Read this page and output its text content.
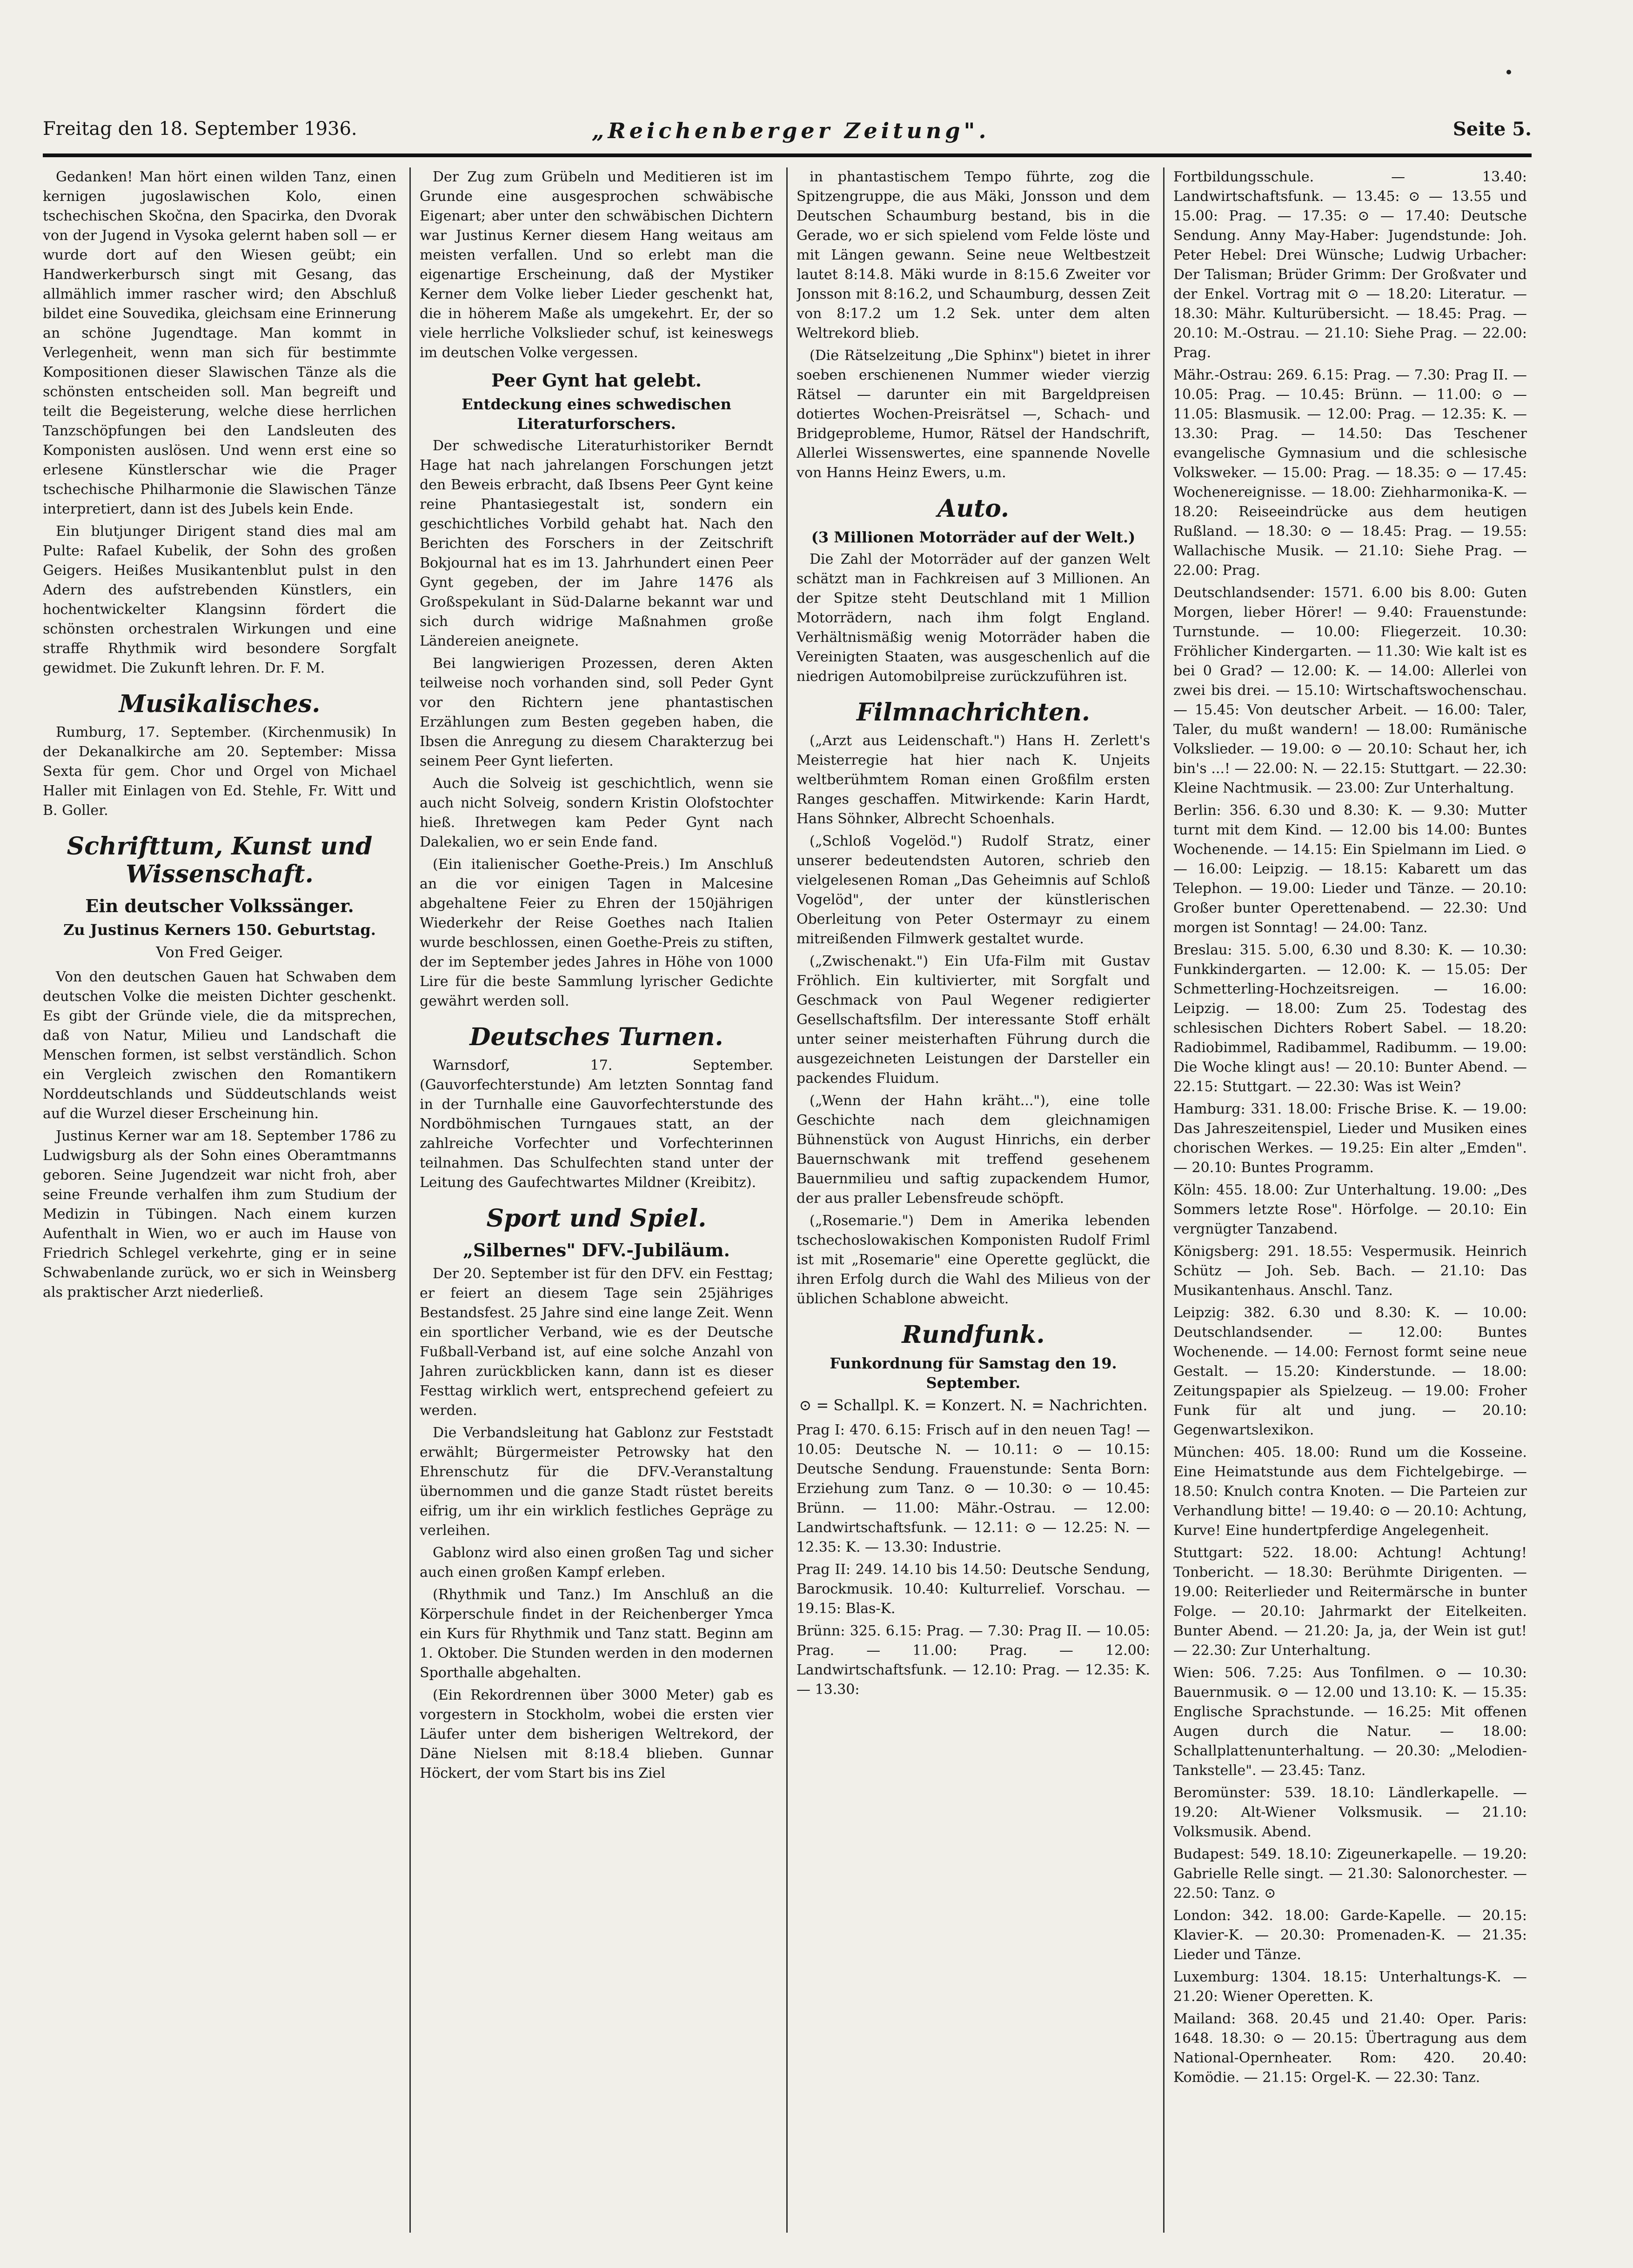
Freitag den 18. September 1936.	„Reichenberger Zeitung".	Seite 5.

Gedanken! Man hört einen wilden Tanz, einen kernigen jugoslawischen Kolo, einen tschechischen Skočna, den Spacirka, den Dvorak von der Jugend in Vysoka gelernt haben soll — er wurde dort auf den Wiesen geübt; ein Handwerkerbursch singt mit Gesang, das allmählich immer rascher wird; den Abschluß bildet eine Souvedika, gleichsam eine Erinnerung an schöne Jugendtage. Man kommt in Verlegenheit, wenn man sich für bestimmte Kompositionen dieser Slawischen Tänze als die schönsten entscheiden soll. Man begreift und teilt die Begeisterung, welche diese herrlichen Tanzschöpfungen bei den Landsleuten des Komponisten auslösen. Und wenn erst eine so erlesene Künstlerschar wie die Prager tschechische Philharmonie die Slawischen Tänze interpretiert, dann ist des Jubels kein Ende.

Ein blutjunger Dirigent stand dies mal am Pulte: Rafael Kubelik, der Sohn des großen Geigers. Heißes Musikantenblut pulst in den Adern des aufstrebenden Künstlers, ein hochentwickelter Klangsinn fördert die schönsten orchestralen Wirkungen und eine straffe Rhythmik wird besondere Sorgfalt gewidmet. Die Zukunft lehren. Dr. F. M.

Musikalisches.

Rumburg, 17. September. (Kirchenmusik) In der Dekanalkirche am 20. September: Missa Sexta für gem. Chor und Orgel von Michael Haller mit Einlagen von Ed. Stehle, Fr. Witt und B. Goller.

Schrifttum, Kunst und Wissenschaft.
Ein deutscher Volkssänger.
Zu Justinus Kerners 150. Geburtstag.
Von Fred Geiger.

Von den deutschen Gauen hat Schwaben dem deutschen Volke die meisten Dichter geschenkt. Es gibt der Gründe viele, die da mitsprechen, daß von Natur, Milieu und Landschaft die Menschen formen, ist selbst verständlich. Schon ein Vergleich zwischen den Romantikern Norddeutschlands und Süddeutschlands weist auf die Wurzel dieser Erscheinung hin.

Justinus Kerner war am 18. September 1786 zu Ludwigsburg als der Sohn eines Oberamtmanns geboren. Seine Jugendzeit war nicht froh, aber seine Freunde verhalfen ihm zum Studium der Medizin in Tübingen. Nach einem kurzen Aufenthalt in Wien, wo er auch im Hause von Friedrich Schlegel verkehrte, ging er in seine Schwabenlande zurück, wo er sich in Weinsberg als praktischer Arzt niederließ.

Der Zug zum Grübeln und Meditieren ist im Grunde eine ausgesprochen schwäbische Eigenart; aber unter den schwäbischen Dichtern war Justinus Kerner diesem Hang weitaus am meisten verfallen. Und so erlebt man die eigenartige Erscheinung, daß der Mystiker Kerner dem Volke lieber Lieder geschenkt hat, die in höherem Maße als umgekehrt. Er, der so viele herrliche Volkslieder schuf, ist keineswegs im deutschen Volke vergessen.

Peer Gynt hat gelebt.
Entdeckung eines schwedischen Literaturforschers.

Der schwedische Literaturhistoriker Berndt Hage hat nach jahrelangen Forschungen jetzt den Beweis erbracht, daß Ibsens Peer Gynt keine reine Phantasiegestalt ist, sondern ein geschichtliches Vorbild gehabt hat. Nach den Berichten des Forschers in der Zeitschrift Bokjournal hat es im 13. Jahrhundert einen Peer Gynt gegeben, der im Jahre 1476 als Großspekulant in Süd-Dalarne bekannt war und sich durch widrige Maßnahmen große Ländereien aneignete.

Bei langwierigen Prozessen, deren Akten teilweise noch vorhanden sind, soll Peder Gynt vor den Richtern jene phantastischen Erzählungen zum Besten gegeben haben, die Ibsen die Anregung zu diesem Charakterzug bei seinem Peer Gynt lieferten.

Auch die Solveig ist geschichtlich, wenn sie auch nicht Solveig, sondern Kristin Olofstochter hieß. Ihretwegen kam Peder Gynt nach Dalekalien, wo er sein Ende fand.

(Ein italienischer Goethe-Preis.) Im Anschluß an die vor einigen Tagen in Malcesine abgehaltene Feier zu Ehren der 150jährigen Wiederkehr der Reise Goethes nach Italien wurde beschlossen, einen Goethe-Preis zu stiften, der im September jedes Jahres in Höhe von 1000 Lire für die beste Sammlung lyrischer Gedichte gewährt werden soll.

Deutsches Turnen.

Warnsdorf, 17. September. (Gauvorfechterstunde) Am letzten Sonntag fand in der Turnhalle eine Gauvorfechterstunde des Nordböhmischen Turngaues statt, an der zahlreiche Vorfechter und Vorfechterinnen teilnahmen. Das Schulfechten stand unter der Leitung des Gaufechtwartes Mildner (Kreibitz).

Sport und Spiel.
„Silbernes" DFV.-Jubiläum.

Der 20. September ist für den DFV. ein Festtag; er feiert an diesem Tage sein 25jähriges Bestandsfest. 25 Jahre sind eine lange Zeit. Wenn ein sportlicher Verband, wie es der Deutsche Fußball-Verband ist, auf eine solche Anzahl von Jahren zurückblicken kann, dann ist es dieser Festtag wirklich wert, entsprechend gefeiert zu werden.

Die Verbandsleitung hat Gablonz zur Feststadt erwählt; Bürgermeister Petrowsky hat den Ehrenschutz für die DFV.-Veranstaltung übernommen und die ganze Stadt rüstet bereits eifrig, um ihr ein wirklich festliches Gepräge zu verleihen.

Gablonz wird also einen großen Tag und sicher auch einen großen Kampf erleben.

(Rhythmik und Tanz.) Im Anschluß an die Körperschule findet in der Reichenberger Ymca ein Kurs für Rhythmik und Tanz statt. Beginn am 1. Oktober. Die Stunden werden in den modernen Sporthalle abgehalten.

(Ein Rekordrennen über 3000 Meter) gab es vorgestern in Stockholm, wobei die ersten vier Läufer unter dem bisherigen Weltrekord, der Däne Nielsen mit 8:18.4 blieben. Gunnar Höckert, der vom Start bis ins Ziel

in phantastischem Tempo führte, zog die Spitzengruppe, die aus Mäki, Jonsson und dem Deutschen Schaumburg bestand, bis in die Gerade, wo er sich spielend vom Felde löste und mit Längen gewann. Seine neue Weltbestzeit lautet 8:14.8. Mäki wurde in 8:15.6 Zweiter vor Jonsson mit 8:16.2, und Schaumburg, dessen Zeit von 8:17.2 um 1.2 Sek. unter dem alten Weltrekord blieb.

(Die Rätselzeitung „Die Sphinx") bietet in ihrer soeben erschienenen Nummer wieder vierzig Rätsel — darunter ein mit Bargeldpreisen dotiertes Wochen-Preisrätsel —, Schach- und Bridgeprobleme, Humor, Rätsel der Handschrift, Allerlei Wissenswertes, eine spannende Novelle von Hanns Heinz Ewers, u.m.

Auto.
(3 Millionen Motorräder auf der Welt.)

Die Zahl der Motorräder auf der ganzen Welt schätzt man in Fachkreisen auf 3 Millionen. An der Spitze steht Deutschland mit 1 Million Motorrädern, nach ihm folgt England. Verhältnismäßig wenig Motorräder haben die Vereinigten Staaten, was ausgeschenlich auf die niedrigen Automobilpreise zurückzuführen ist.

Filmnachrichten.

(„Arzt aus Leidenschaft.") Hans H. Zerlett's Meisterregie hat hier nach K. Unjeits weltberühmtem Roman einen Großfilm ersten Ranges geschaffen. Mitwirkende: Karin Hardt, Hans Söhnker, Albrecht Schoenhals.

(„Schloß Vogelöd.") Rudolf Stratz, einer unserer bedeutendsten Autoren, schrieb den vielgelesenen Roman „Das Geheimnis auf Schloß Vogelöd", der unter der künstlerischen Oberleitung von Peter Ostermayr zu einem mitreißenden Filmwerk gestaltet wurde.

(„Zwischenakt.") Ein Ufa-Film mit Gustav Fröhlich. Ein kultivierter, mit Sorgfalt und Geschmack von Paul Wegener redigierter Gesellschaftsfilm. Der interessante Stoff erhält unter seiner meisterhaften Führung durch die ausgezeichneten Leistungen der Darsteller ein packendes Fluidum.

(„Wenn der Hahn kräht..."), eine tolle Geschichte nach dem gleichnamigen Bühnenstück von August Hinrichs, ein derber Bauernschwank mit treffend gesehenem Bauernmilieu und saftig zupackendem Humor, der aus praller Lebensfreude schöpft.

(„Rosemarie.") Dem in Amerika lebenden tschechoslowakischen Komponisten Rudolf Friml ist mit „Rosemarie" eine Operette geglückt, die ihren Erfolg durch die Wahl des Milieus von der üblichen Schablone abweicht.

Rundfunk.
Funkordnung für Samstag den 19. September.
⊙ = Schallpl. K. = Konzert. N. = Nachrichten.

Prag I: 470. 6.15: Frisch auf in den neuen Tag! — 10.05: Deutsche N. — 10.11: ⊙ — 10.15: Deutsche Sendung. Frauenstunde: Senta Born: Erziehung zum Tanz. ⊙ — 10.30: ⊙ — 10.45: Brünn. — 11.00: Mähr.-Ostrau. — 12.00: Landwirtschaftsfunk. — 12.11: ⊙ — 12.25: N. — 12.35: K. — 13.30: Industrie.

Prag II: 249. 14.10 bis 14.50: Deutsche Sendung, Barockmusik. 10.40: Kulturrelief. Vorschau. — 19.15: Blas-K.

Brünn: 325. 6.15: Prag. — 7.30: Prag II. — 10.05: Prag. — 11.00: Prag. — 12.00: Landwirtschaftsfunk. — 12.10: Prag. — 12.35: K. — 13.30:

Fortbildungsschule. — 13.40: Landwirtschaftsfunk. — 13.45: ⊙ — 13.55 und 15.00: Prag. — 17.35: ⊙ — 17.40: Deutsche Sendung. Anny May-Haber: Jugendstunde: Joh. Peter Hebel: Drei Wünsche; Ludwig Urbacher: Der Talisman; Brüder Grimm: Der Großvater und der Enkel. Vortrag mit ⊙ — 18.20: Literatur. — 18.30: Mähr. Kulturübersicht. — 18.45: Prag. — 20.10: M.-Ostrau. — 21.10: Siehe Prag. — 22.00: Prag.

Mähr.-Ostrau: 269. 6.15: Prag. — 7.30: Prag II. — 10.05: Prag. — 10.45: Brünn. — 11.00: ⊙ — 11.05: Blasmusik. — 12.00: Prag. — 12.35: K. — 13.30: Prag. — 14.50: Das Teschener evangelische Gymnasium und die schlesische Volksweker. — 15.00: Prag. — 18.35: ⊙ — 17.45: Wochenereignisse. — 18.00: Ziehharmonika-K. — 18.20: Reiseeindrücke aus dem heutigen Rußland. — 18.30: ⊙ — 18.45: Prag. — 19.55: Wallachische Musik. — 21.10: Siehe Prag. — 22.00: Prag.

Deutschlandsender: 1571. 6.00 bis 8.00: Guten Morgen, lieber Hörer! — 9.40: Frauenstunde: Turnstunde. — 10.00: Fliegerzeit. 10.30: Fröhlicher Kindergarten. — 11.30: Wie kalt ist es bei 0 Grad? — 12.00: K. — 14.00: Allerlei von zwei bis drei. — 15.10: Wirtschaftswochenschau. — 15.45: Von deutscher Arbeit. — 16.00: Taler, Taler, du mußt wandern! — 18.00: Rumänische Volkslieder. — 19.00: ⊙ — 20.10: Schaut her, ich bin's ...! — 22.00: N. — 22.15: Stuttgart. — 22.30: Kleine Nachtmusik. — 23.00: Zur Unterhaltung.

Berlin: 356. 6.30 und 8.30: K. — 9.30: Mutter turnt mit dem Kind. — 12.00 bis 14.00: Buntes Wochenende. — 14.15: Ein Spielmann im Lied. ⊙ — 16.00: Leipzig. — 18.15: Kabarett um das Telephon. — 19.00: Lieder und Tänze. — 20.10: Großer bunter Operettenabend. — 22.30: Und morgen ist Sonntag! — 24.00: Tanz.

Breslau: 315. 5.00, 6.30 und 8.30: K. — 10.30: Funkkindergarten. — 12.00: K. — 15.05: Der Schmetterling-Hochzeitsreigen. — 16.00: Leipzig. — 18.00: Zum 25. Todestag des schlesischen Dichters Robert Sabel. — 18.20: Radiobimmel, Radibammel, Radibumm. — 19.00: Die Woche klingt aus! — 20.10: Bunter Abend. — 22.15: Stuttgart. — 22.30: Was ist Wein?

Hamburg: 331. 18.00: Frische Brise. K. — 19.00: Das Jahreszeitenspiel, Lieder und Musiken eines chorischen Werkes. — 19.25: Ein alter „Emden". — 20.10: Buntes Programm.

Köln: 455. 18.00: Zur Unterhaltung. 19.00: „Des Sommers letzte Rose". Hörfolge. — 20.10: Ein vergnügter Tanzabend.

Königsberg: 291. 18.55: Vespermusik. Heinrich Schütz — Joh. Seb. Bach. — 21.10: Das Musikantenhaus. Anschl. Tanz.

Leipzig: 382. 6.30 und 8.30: K. — 10.00: Deutschlandsender. — 12.00: Buntes Wochenende. — 14.00: Fernost formt seine neue Gestalt. — 15.20: Kinderstunde. — 18.00: Zeitungspapier als Spielzeug. — 19.00: Froher Funk für alt und jung. — 20.10: Gegenwartslexikon.

München: 405. 18.00: Rund um die Kosseine. Eine Heimatstunde aus dem Fichtelgebirge. — 18.50: Knulch contra Knoten. — Die Parteien zur Verhandlung bitte! — 19.40: ⊙ — 20.10: Achtung, Kurve! Eine hundertpferdige Angelegenheit.

Stuttgart: 522. 18.00: Achtung! Achtung! Tonbericht. — 18.30: Berühmte Dirigenten. — 19.00: Reiterlieder und Reitermärsche in bunter Folge. — 20.10: Jahrmarkt der Eitelkeiten. Bunter Abend. — 21.20: Ja, ja, der Wein ist gut! — 22.30: Zur Unterhaltung.

Wien: 506. 7.25: Aus Tonfilmen. ⊙ — 10.30: Bauernmusik. ⊙ — 12.00 und 13.10: K. — 15.35: Englische Sprachstunde. — 16.25: Mit offenen Augen durch die Natur. — 18.00: Schallplattenunterhaltung. — 20.30: „Melodien-Tankstelle". — 23.45: Tanz.

Beromünster: 539. 18.10: Ländlerkapelle. — 19.20: Alt-Wiener Volksmusik. — 21.10: Volksmusik. Abend.

Budapest: 549. 18.10: Zigeunerkapelle. — 19.20: Gabrielle Relle singt. — 21.30: Salonorchester. — 22.50: Tanz. ⊙

London: 342. 18.00: Garde-Kapelle. — 20.15: Klavier-K. — 20.30: Promenaden-K. — 21.35: Lieder und Tänze.

Luxemburg: 1304. 18.15: Unterhaltungs-K. — 21.20: Wiener Operetten. K.

Mailand: 368. 20.45 und 21.40: Oper. Paris: 1648. 18.30: ⊙ — 20.15: Übertragung aus dem National-Opernheater. Rom: 420. 20.40: Komödie. — 21.15: Orgel-K. — 22.30: Tanz.
